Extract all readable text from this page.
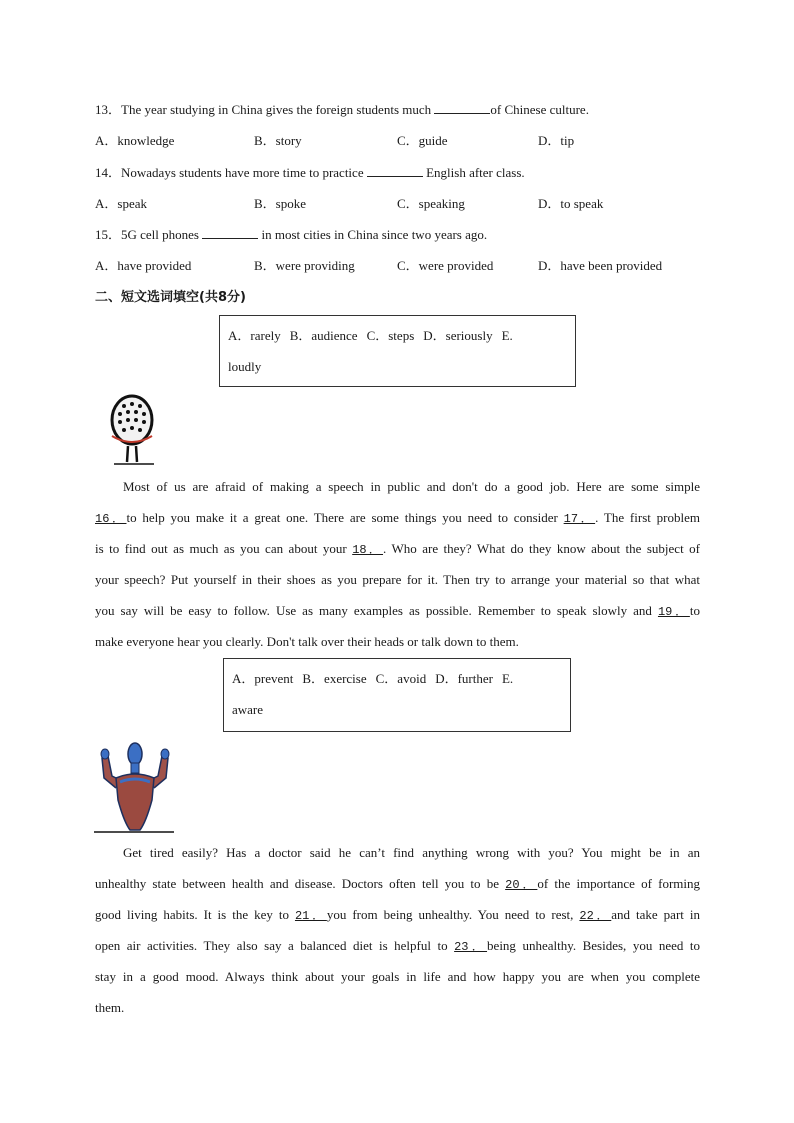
13．The year studying in China gives the foreign students much	of Chinese culture.
A．knowledge	B．story	C．guide	D．tip
14．Nowadays students have more time to practice	English after class.
A．speak	B．spoke	C．speaking	D．to speak
15．5G cell phones	in most cities in China since two years ago.
A．have provided	B．were providing	C．were provided	D．have been provided
二、短文选词填空(共8分)
A．rarely B．audience C．steps D．seriously E.
loudly
Most of us are afraid of making a speech in public and don't do a good job. Here are some simple
16．to help you make it a great one. There are some things you need to consider 17．. The first problem
is to find out as much as you can about your 18．. Who are they? What do they know about the subject of
your speech? Put yourself in their shoes as you prepare for it. Then try to arrange your material so that what
you say will be easy to follow. Use as many examples as possible. Remember to speak slowly and 19．to
make everyone hear you clearly. Don't talk over their heads or talk down to them.
A．prevent B．exercise C．avoid D．further E.
aware
Get tired easily? Has a doctor said he can’t find anything wrong with you? You might be in an
unhealthy state between health and disease. Doctors often tell you to be 20．of the importance of forming
good living habits. It is the key to 21．you from being unhealthy. You need to rest, 22．and take part in
open air activities. They also say a balanced diet is helpful to 23．being unhealthy. Besides, you need to
stay in a good mood. Always think about your goals in life and how happy you are when you complete
them.
